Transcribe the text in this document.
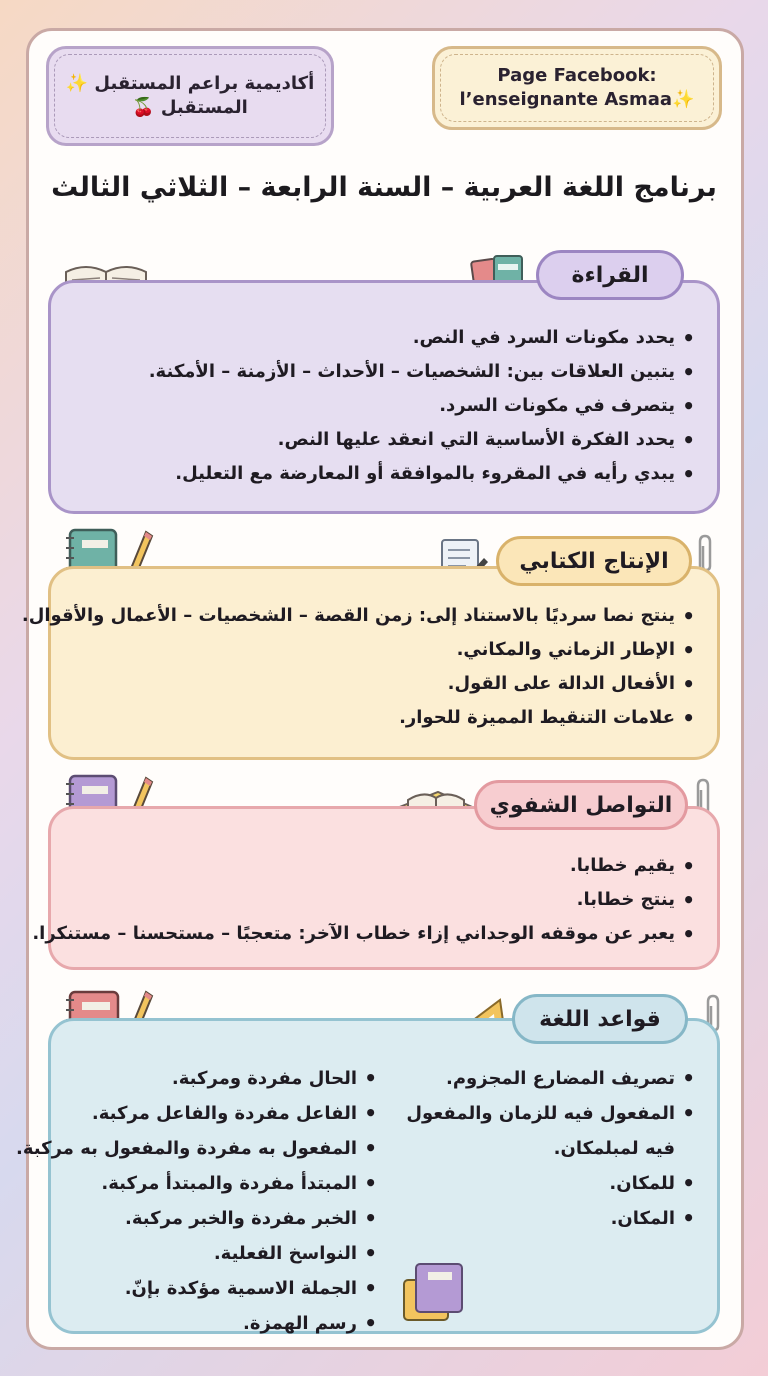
أكاديمية براعم المستقبل ✨
المستقبل 🍒
Page Facebook:
l’enseignante Asmaa✨
برنامج اللغة العربية – السنة الرابعة – الثلاثي الثالث
• يحدد مكونات السرد في النص.
• يتبين العلاقات بين: الشخصيات – الأحداث – الأزمنة – الأمكنة.
• يتصرف في مكونات السرد.
• يحدد الفكرة الأساسية التي انعقد عليها النص.
• يبدي رأيه في المقروء بالموافقة أو المعارضة مع التعليل.
القراءة
• ينتج نصا سرديًا بالاستناد إلى: زمن القصة – الشخصيات – الأعمال والأقوال.
• الإطار الزماني والمكاني.
• الأفعال الدالة على القول.
• علامات التنقيط المميزة للحوار.
الإنتاج الكتابي
• يقيم خطابا.
• ينتج خطابا.
• يعبر عن موقفه الوجداني إزاء خطاب الآخر: متعجبًا – مستحسنا – مستنكرا.
التواصل الشفوي
• تصريف المضارع المجزوم.
• المفعول فيه للزمان والمفعول فيه لمبلمكان.
• للمكان.
• المكان.
• الحال مفردة ومركبة.
• الفاعل مفردة والفاعل مركبة.
• المفعول به مفردة والمفعول به مركبة.
• المبتدأ مفردة والمبتدأ مركبة.
• الخبر مفردة والخبر مركبة.
• النواسخ الفعلية.
• الجملة الاسمية مؤكدة بإنّ.
• رسم الهمزة.
قواعد اللغة
